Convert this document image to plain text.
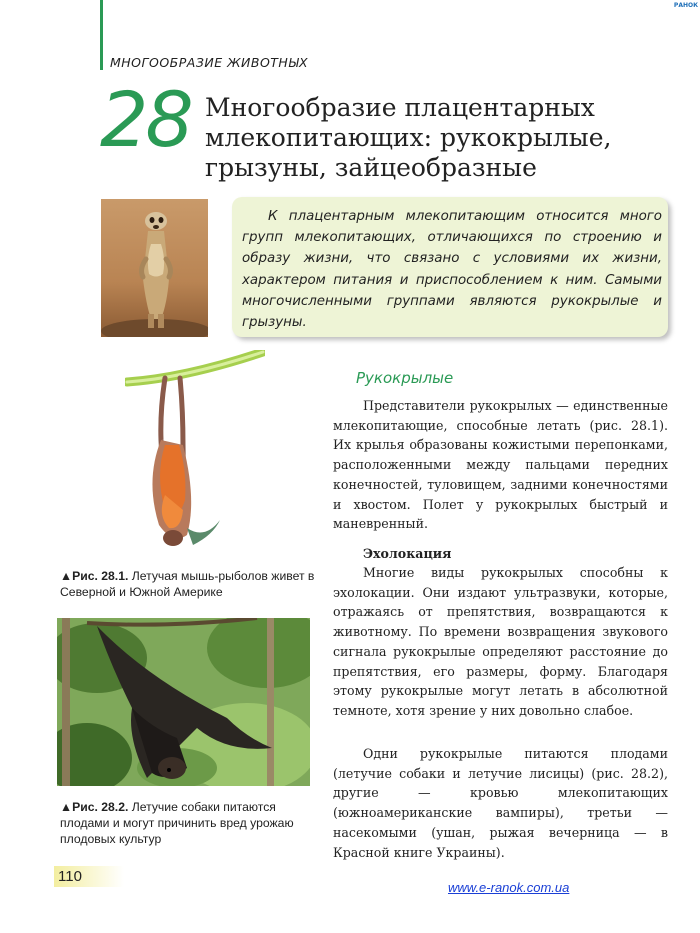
МНОГООБРАЗИЕ ЖИВОТНЫХ
РАНОК
28 Многообразие плацентарных млекопитающих: рукокрылые, грызуны, зайцеобразные
К плацентарным млекопитающим относится много групп млекопитающих, отличающихся по строению и образу жизни, что связано с условиями их жизни, характером питания и приспособлением к ним. Самыми многочисленными группами являются рукокрылые и грызуны.
▲Рис. 28.1. Летучая мышь-рыболов живет в Северной и Южной Америке
▲Рис. 28.2. Летучие собаки питаются плодами и могут причинить вред урожаю плодовых культур
Рукокрылые

Представители рукокрылых — единственные млекопитающие, способные летать (рис. 28.1). Их крылья образованы кожистыми перепонками, расположенными между пальцами передних конечностей, туловищем, задними конечностями и хвостом. Полет у рукокрылых быстрый и маневренный.

Эхолокация

Многие виды рукокрылых способны к эхолокации. Они издают ультразвуки, которые, отражаясь от препятствия, возвращаются к животному. По времени возвращения звукового сигнала рукокрылые определяют расстояние до препятствия, его размеры, форму. Благодаря этому рукокрылые могут летать в абсолютной темноте, хотя зрение у них довольно слабое.

Одни рукокрылые питаются плодами (летучие собаки и летучие лисицы) (рис. 28.2), другие — кровью млекопитающих (южноамериканские вампиры), третьи — насекомыми (ушан, рыжая вечерница — в Красной книге Украины).

110
www.e-ranok.com.ua
